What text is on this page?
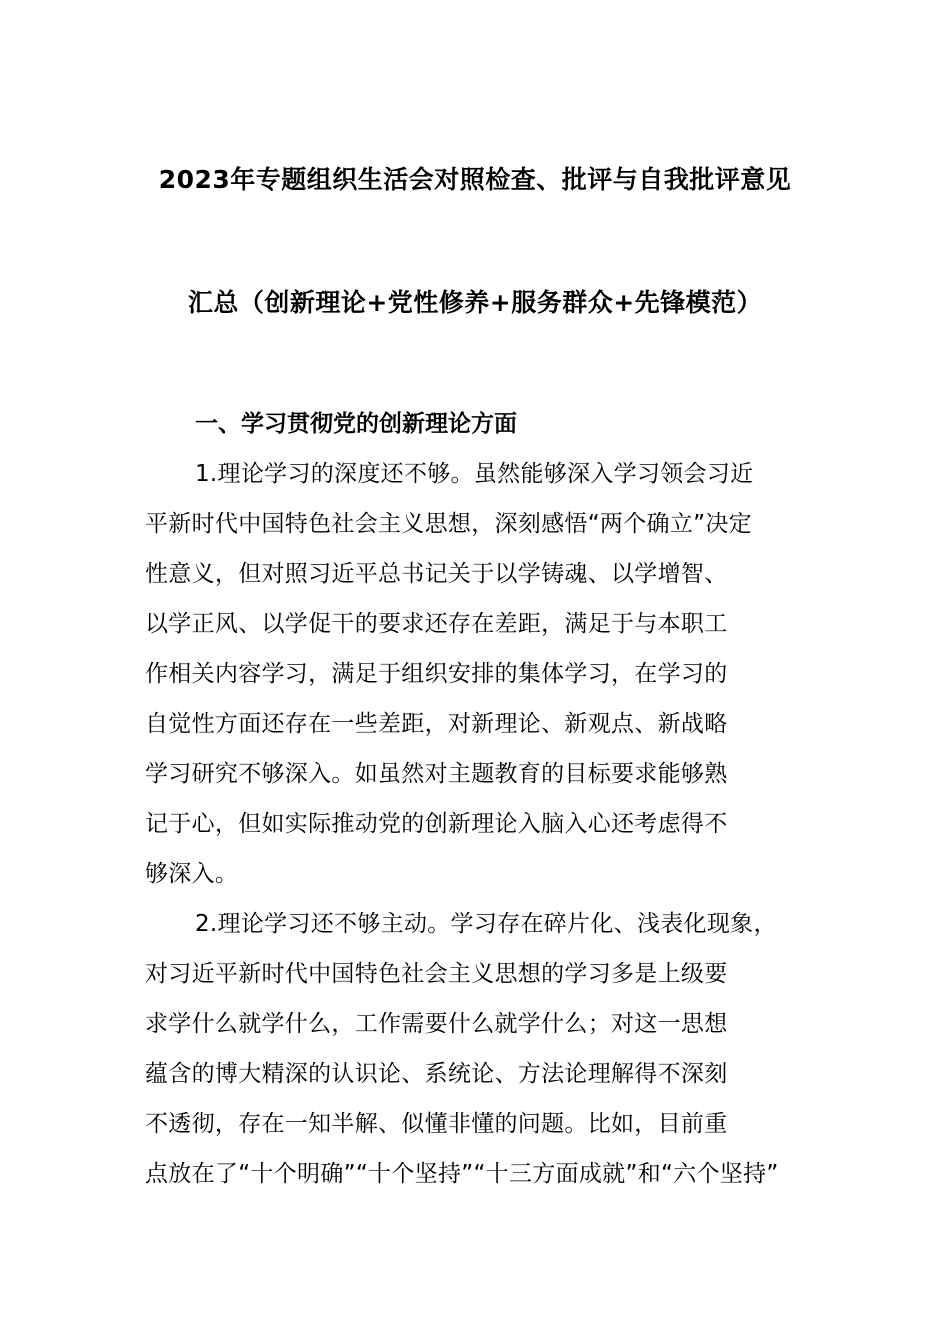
2023年专题组织生活会对照检查、批评与自我批评意见
汇总（创新理论+党性修养+服务群众+先锋模范）
一、学习贯彻党的创新理论方面
1.理论学习的深度还不够。虽然能够深入学习领会习近
平新时代中国特色社会主义思想，深刻感悟“两个确立”决定
性意义，但对照习近平总书记关于以学铸魂、以学增智、
以学正风、以学促干的要求还存在差距，满足于与本职工
作相关内容学习，满足于组织安排的集体学习，在学习的
自觉性方面还存在一些差距，对新理论、新观点、新战略
学习研究不够深入。如虽然对主题教育的目标要求能够熟
记于心，但如实际推动党的创新理论入脑入心还考虑得不
够深入。
2.理论学习还不够主动。学习存在碎片化、浅表化现象，
对习近平新时代中国特色社会主义思想的学习多是上级要
求学什么就学什么，工作需要什么就学什么；对这一思想
蕴含的博大精深的认识论、系统论、方法论理解得不深刻
不透彻，存在一知半解、似懂非懂的问题。比如，目前重
点放在了“十个明确”“十个坚持”“十三方面成就”和“六个坚持”
